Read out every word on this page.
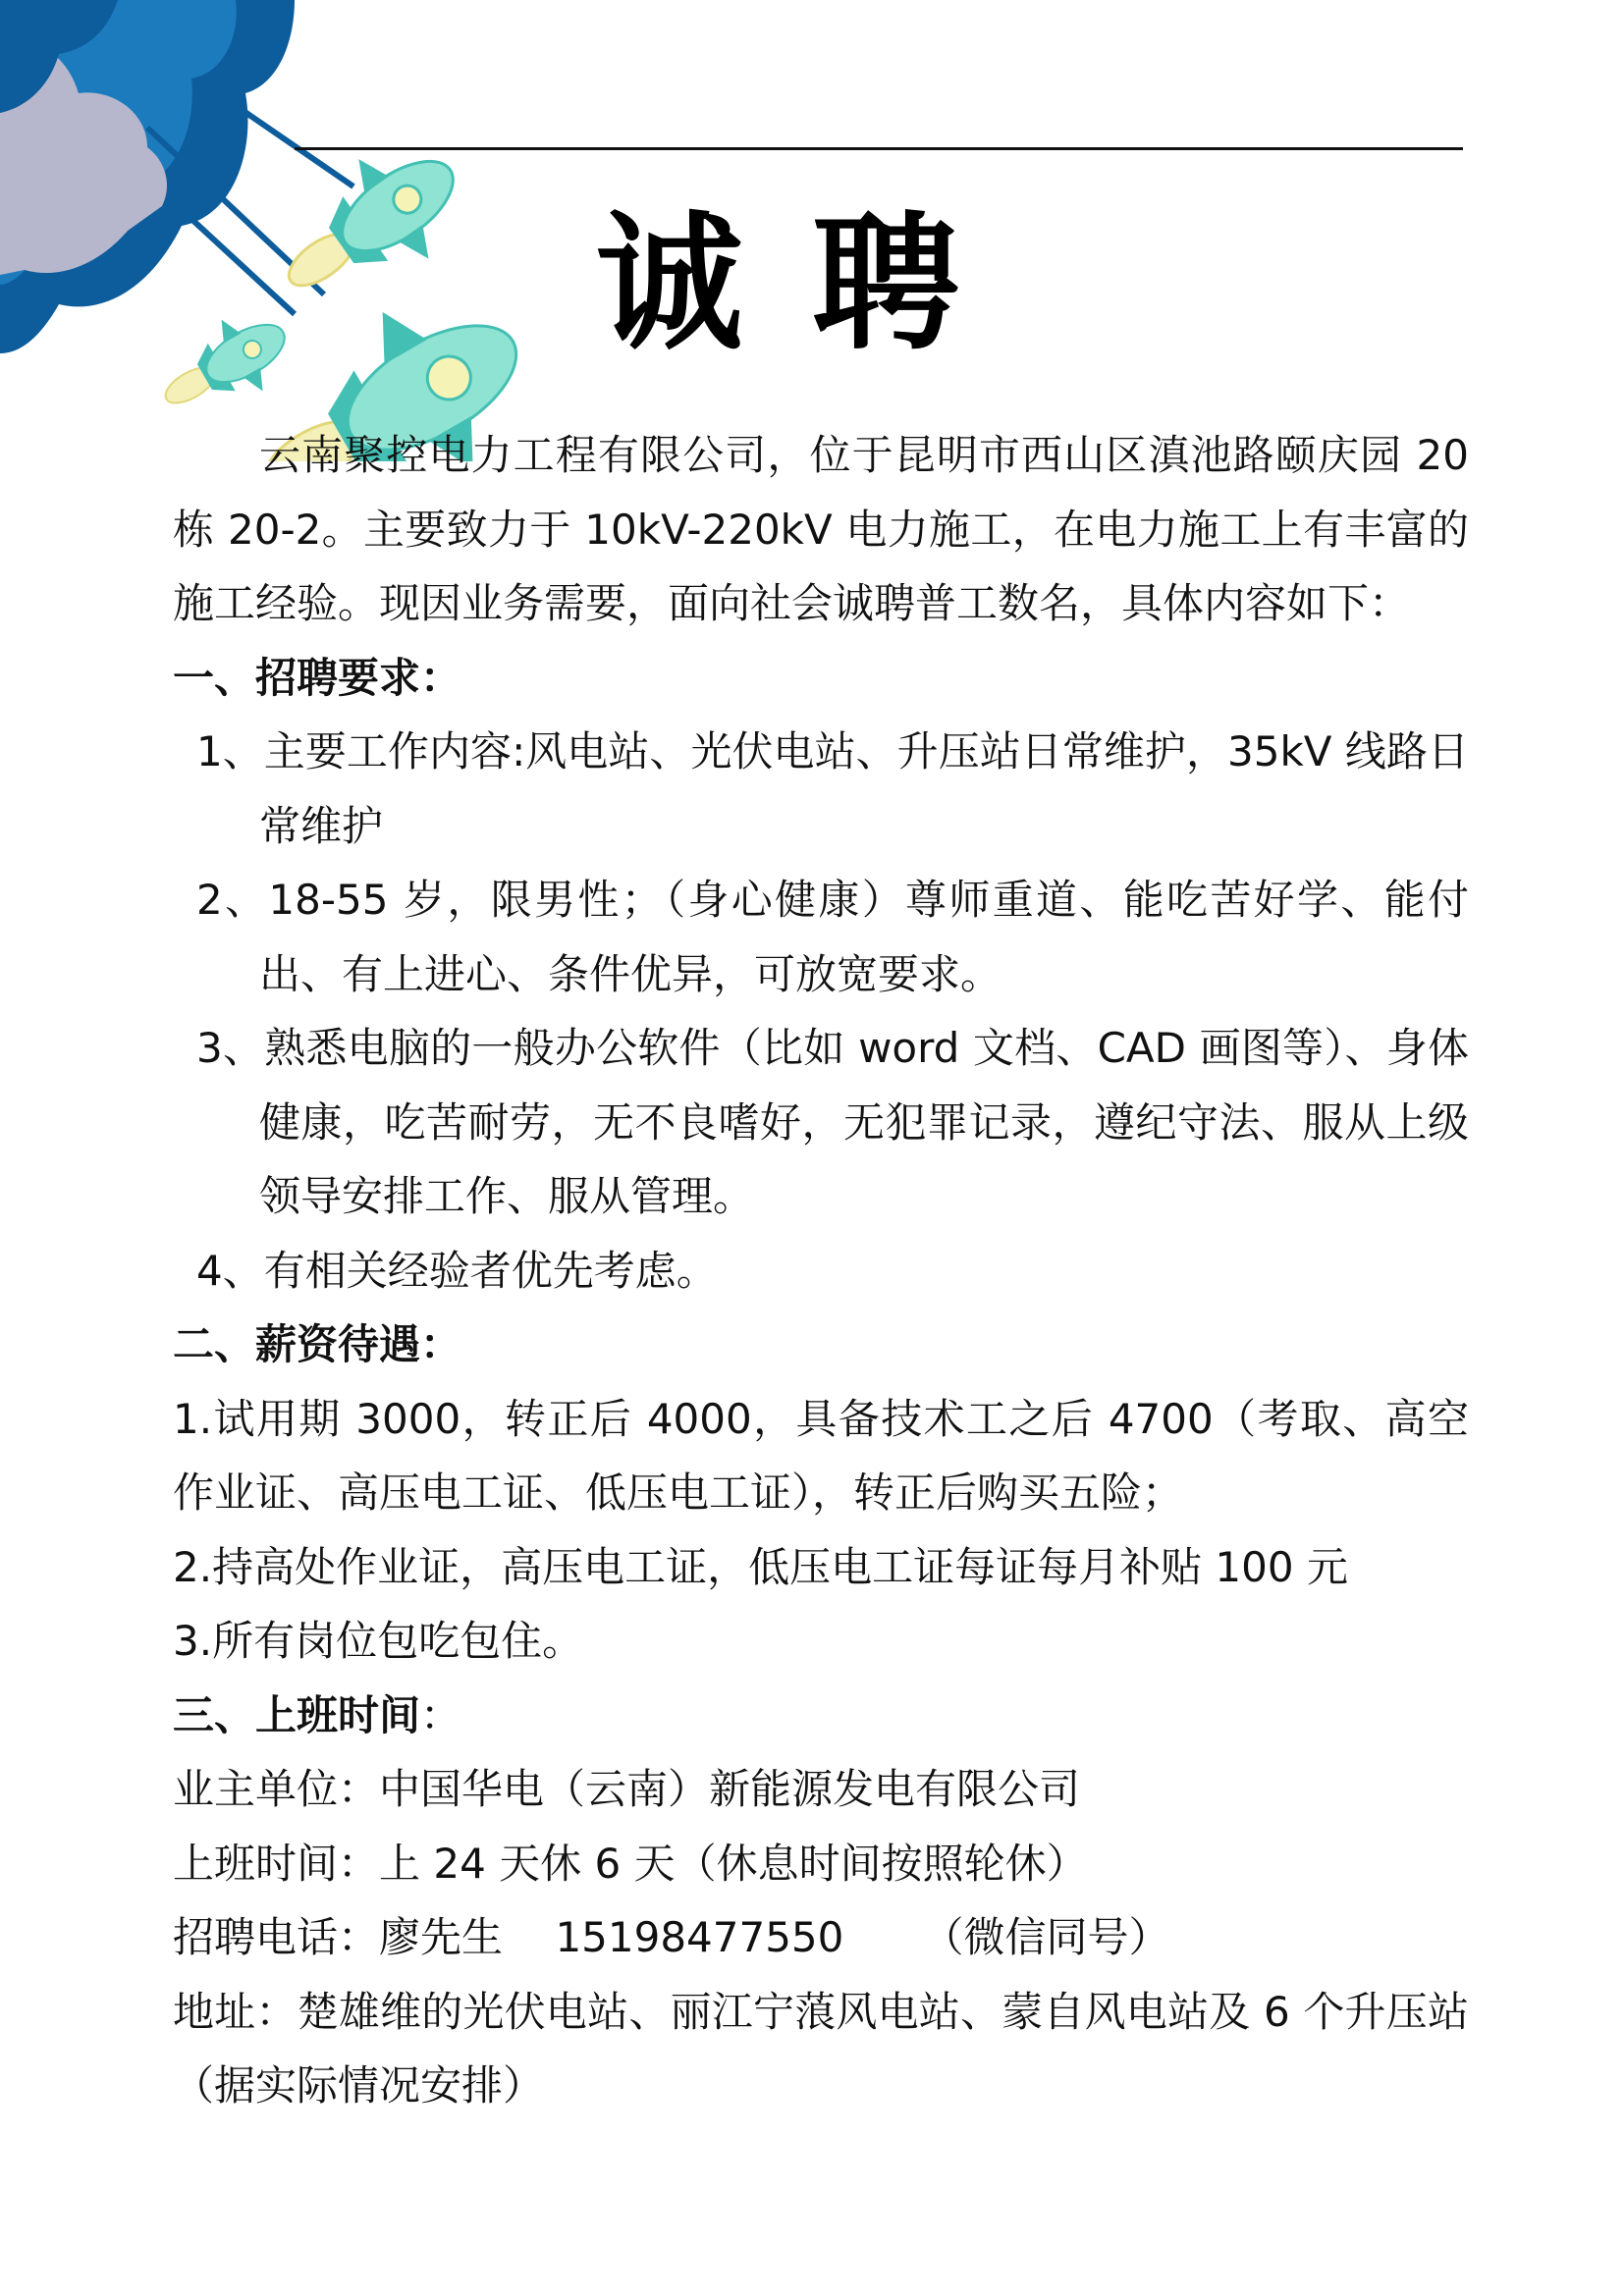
诚聘

云南聚控电力工程有限公司，位于昆明市西山区滇池路颐庆园 20 栋 20-2。主要致力于 10kV-220kV 电力施工，在电力施工上有丰富的施工经验。现因业务需要，面向社会诚聘普工数名，具体内容如下：

一、招聘要求：

1、主要工作内容:风电站、光伏电站、升压站日常维护，35kV 线路日常维护

2、18-55 岁，限男性；（身心健康）尊师重道、能吃苦好学、能付出、有上进心、条件优异，可放宽要求。

3、熟悉电脑的一般办公软件（比如 word 文档、CAD 画图等）、身体健康，吃苦耐劳，无不良嗜好，无犯罪记录，遵纪守法、服从上级领导安排工作、服从管理。

4、有相关经验者优先考虑。

二、薪资待遇：

1.试用期 3000，转正后 4000，具备技术工之后 4700（考取、高空作业证、高压电工证、低压电工证），转正后购买五险；

2.持高处作业证，高压电工证，低压电工证每证每月补贴 100 元

3.所有岗位包吃包住。

三、上班时间：

业主单位：中国华电（云南）新能源发电有限公司

上班时间：上 24 天休 6 天（休息时间按照轮休）

招聘电话：廖先生 15198477550 （微信同号）

地址：楚雄维的光伏电站、丽江宁蒗风电站、蒙自风电站及 6 个升压站（据实际情况安排）
